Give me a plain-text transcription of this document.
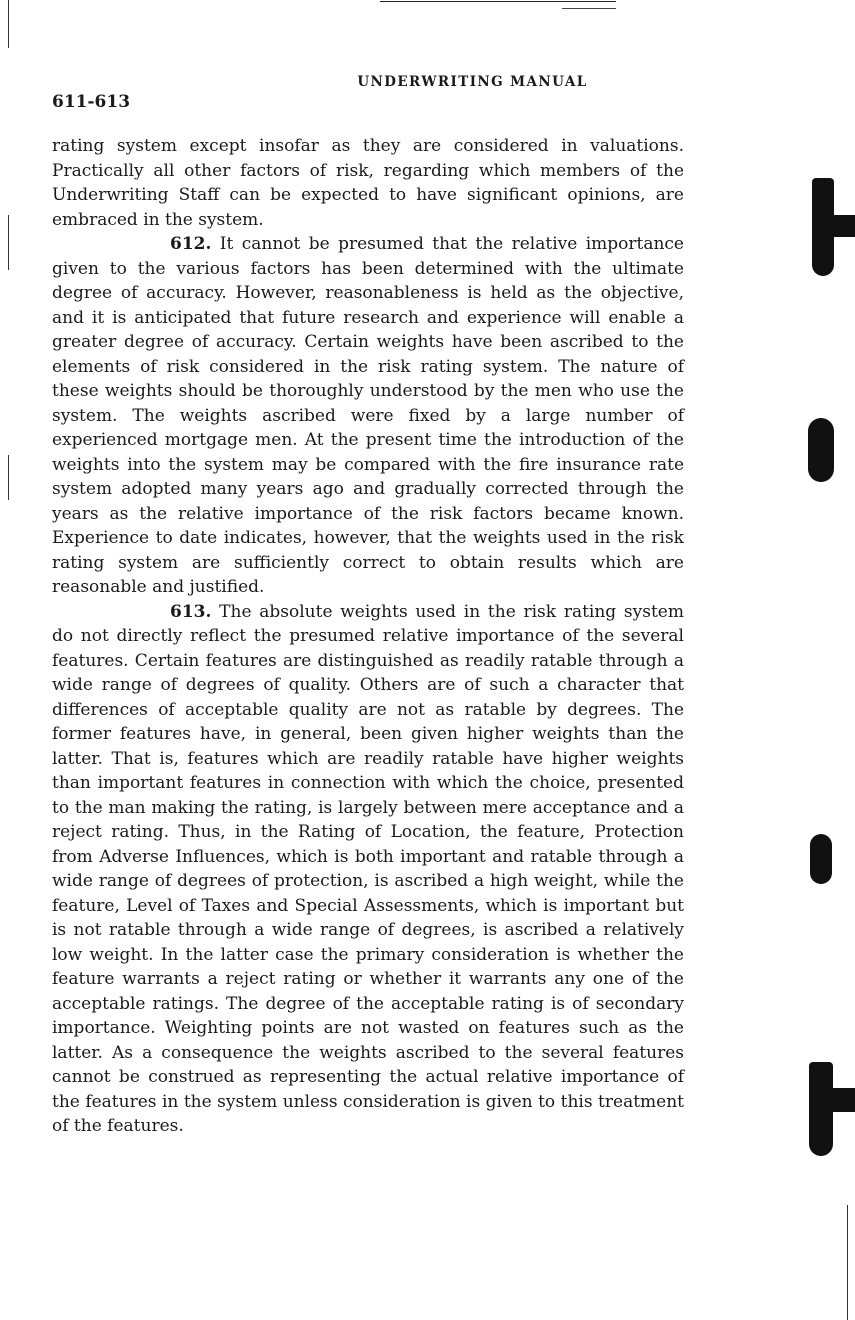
UNDERWRITING MANUAL
611-613

rating system except insofar as they are considered in valuations. Practically all other factors of risk, regarding which members of the Underwriting Staff can be expected to have significant opinions, are embraced in the system.

612. It cannot be presumed that the relative importance given to the various factors has been determined with the ultimate degree of accuracy. However, reasonableness is held as the objective, and it is anticipated that future research and experience will enable a greater degree of accuracy. Certain weights have been ascribed to the elements of risk considered in the risk rating system. The nature of these weights should be thoroughly understood by the men who use the system. The weights ascribed were fixed by a large number of experienced mortgage men. At the present time the introduction of the weights into the system may be compared with the fire insurance rate system adopted many years ago and gradually corrected through the years as the relative importance of the risk factors became known. Experience to date indicates, however, that the weights used in the risk rating system are sufficiently correct to obtain results which are reasonable and justified.

613. The absolute weights used in the risk rating system do not directly reflect the presumed relative importance of the several features. Certain features are distinguished as readily ratable through a wide range of degrees of quality. Others are of such a character that differences of acceptable quality are not as ratable by degrees. The former features have, in general, been given higher weights than the latter. That is, features which are readily ratable have higher weights than important features in connection with which the choice, presented to the man making the rating, is largely between mere acceptance and a reject rating. Thus, in the Rating of Location, the feature, Protection from Adverse Influences, which is both important and ratable through a wide range of degrees of protection, is ascribed a high weight, while the feature, Level of Taxes and Special Assessments, which is important but is not ratable through a wide range of degrees, is ascribed a relatively low weight. In the latter case the primary consideration is whether the feature warrants a reject rating or whether it warrants any one of the acceptable ratings. The degree of the acceptable rating is of secondary importance. Weighting points are not wasted on features such as the latter. As a consequence the weights ascribed to the several features cannot be construed as representing the actual relative importance of the features in the system unless consideration is given to this treatment of the features.
